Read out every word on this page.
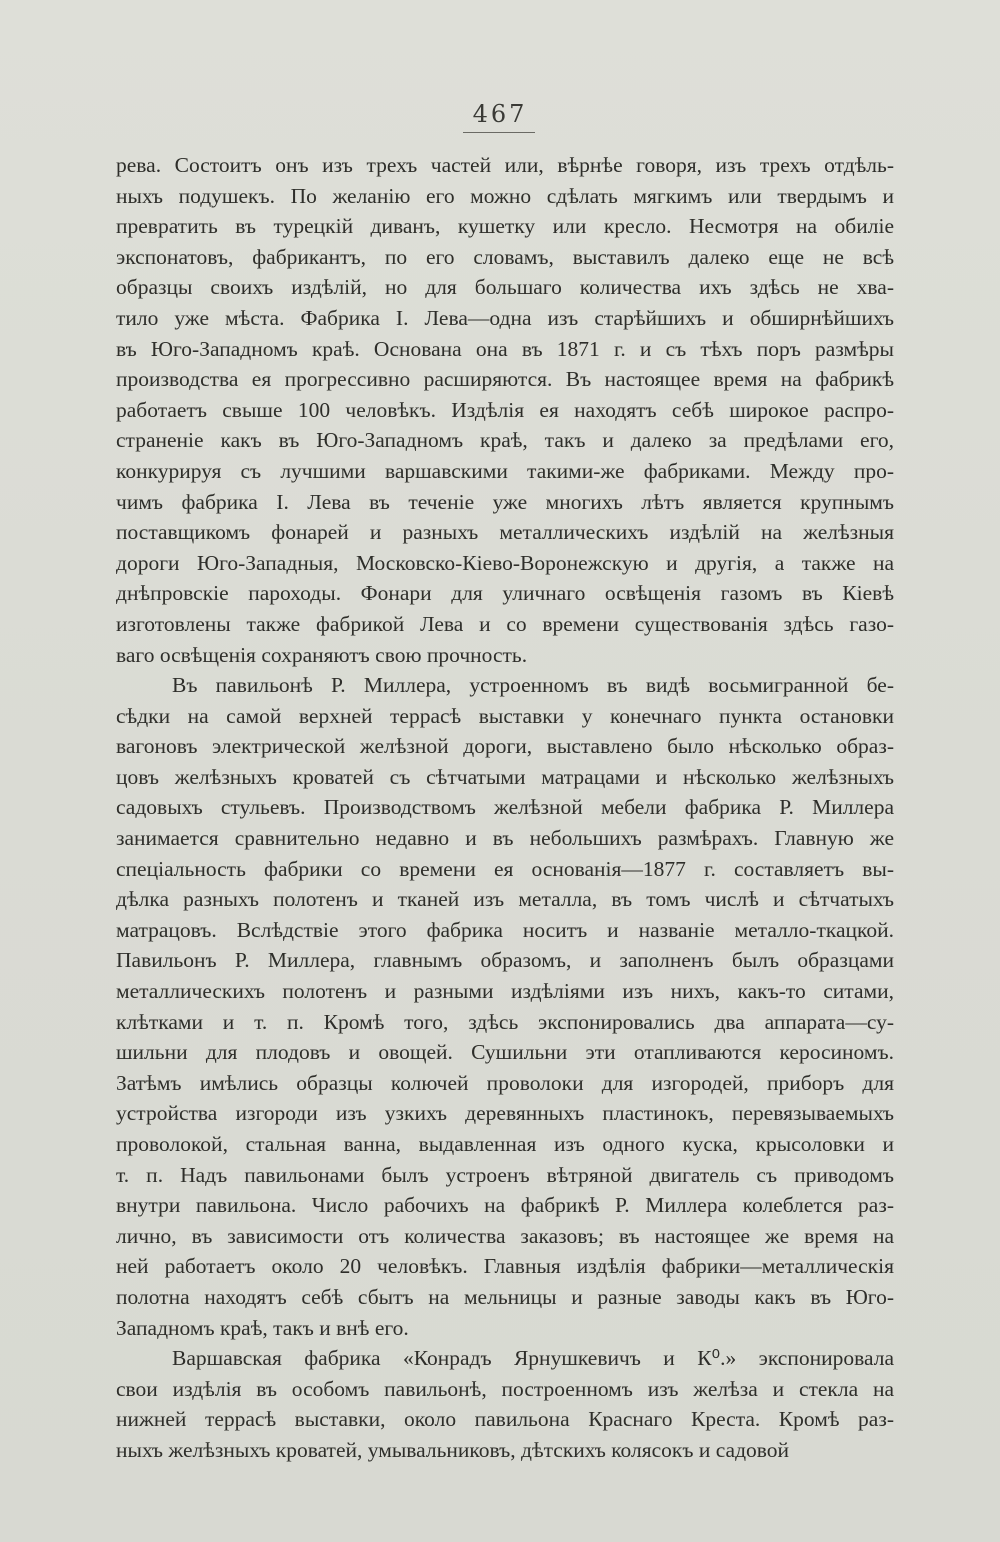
467
рева. Состоитъ онъ изъ трехъ частей или, вѣрнѣе говоря, изъ трехъ отдѣль-
ныхъ подушекъ. По желанію его можно сдѣлать мягкимъ или твердымъ и
превратить въ турецкій диванъ, кушетку или кресло. Несмотря на обиліе
экспонатовъ, фабрикантъ, по его словамъ, выставилъ далеко еще не всѣ
образцы своихъ издѣлій, но для большаго количества ихъ здѣсь не хва-
тило уже мѣста. Фабрика I. Лева—одна изъ старѣйшихъ и обширнѣйшихъ
въ Юго-Западномъ краѣ. Основана она въ 1871 г. и съ тѣхъ поръ размѣры
производства ея прогрессивно расширяются. Въ настоящее время на фабрикѣ
работаетъ свыше 100 человѣкъ. Издѣлія ея находятъ себѣ широкое распро-
страненіе какъ въ Юго-Западномъ краѣ, такъ и далеко за предѣлами его,
конкурируя съ лучшими варшавскими такими-же фабриками. Между про-
чимъ фабрика I. Лева въ теченіе уже многихъ лѣтъ является крупнымъ
поставщикомъ фонарей и разныхъ металлическихъ издѣлій на желѣзныя
дороги Юго-Западныя, Московско-Кіево-Воронежскую и другія, а также на
днѣпровскіе пароходы. Фонари для уличнаго освѣщенія газомъ въ Кіевѣ
изготовлены также фабрикой Лева и со времени существованія здѣсь газо-
ваго освѣщенія сохраняютъ свою прочность.
Въ павильонѣ Р. Миллера, устроенномъ въ видѣ восьмигранной бе-
сѣдки на самой верхней террасѣ выставки у конечнаго пункта остановки
вагоновъ электрической желѣзной дороги, выставлено было нѣсколько образ-
цовъ желѣзныхъ кроватей съ сѣтчатыми матрацами и нѣсколько желѣзныхъ
садовыхъ стульевъ. Производствомъ желѣзной мебели фабрика Р. Миллера
занимается сравнительно недавно и въ небольшихъ размѣрахъ. Главную же
спеціальность фабрики со времени ея основанія—1877 г. составляетъ вы-
дѣлка разныхъ полотенъ и тканей изъ металла, въ томъ числѣ и сѣтчатыхъ
матрацовъ. Вслѣдствіе этого фабрика носитъ и названіе металло-ткацкой.
Павильонъ Р. Миллера, главнымъ образомъ, и заполненъ былъ образцами
металлическихъ полотенъ и разными издѣліями изъ нихъ, какъ-то ситами,
клѣтками и т. п. Кромѣ того, здѣсь экспонировались два аппарата—су-
шильни для плодовъ и овощей. Сушильни эти отапливаются керосиномъ.
Затѣмъ имѣлись образцы колючей проволоки для изгородей, приборъ для
устройства изгороди изъ узкихъ деревянныхъ пластинокъ, перевязываемыхъ
проволокой, стальная ванна, выдавленная изъ одного куска, крысоловки и
т. п. Надъ павильонами былъ устроенъ вѣтряной двигатель съ приводомъ
внутри павильона. Число рабочихъ на фабрикѣ Р. Миллера колеблется раз-
лично, въ зависимости отъ количества заказовъ; въ настоящее же время на
ней работаетъ около 20 человѣкъ. Главныя издѣлія фабрики—металлическія
полотна находятъ себѣ сбытъ на мельницы и разные заводы какъ въ Юго-
Западномъ краѣ, такъ и внѣ его.
Варшавская фабрика «Конрадъ Ярнушкевичъ и К⁰.» экспонировала
свои издѣлія въ особомъ павильонѣ, построенномъ изъ желѣза и стекла на
нижней террасѣ выставки, около павильона Краснаго Креста. Кромѣ раз-
ныхъ желѣзныхъ кроватей, умывальниковъ, дѣтскихъ колясокъ и садовой
